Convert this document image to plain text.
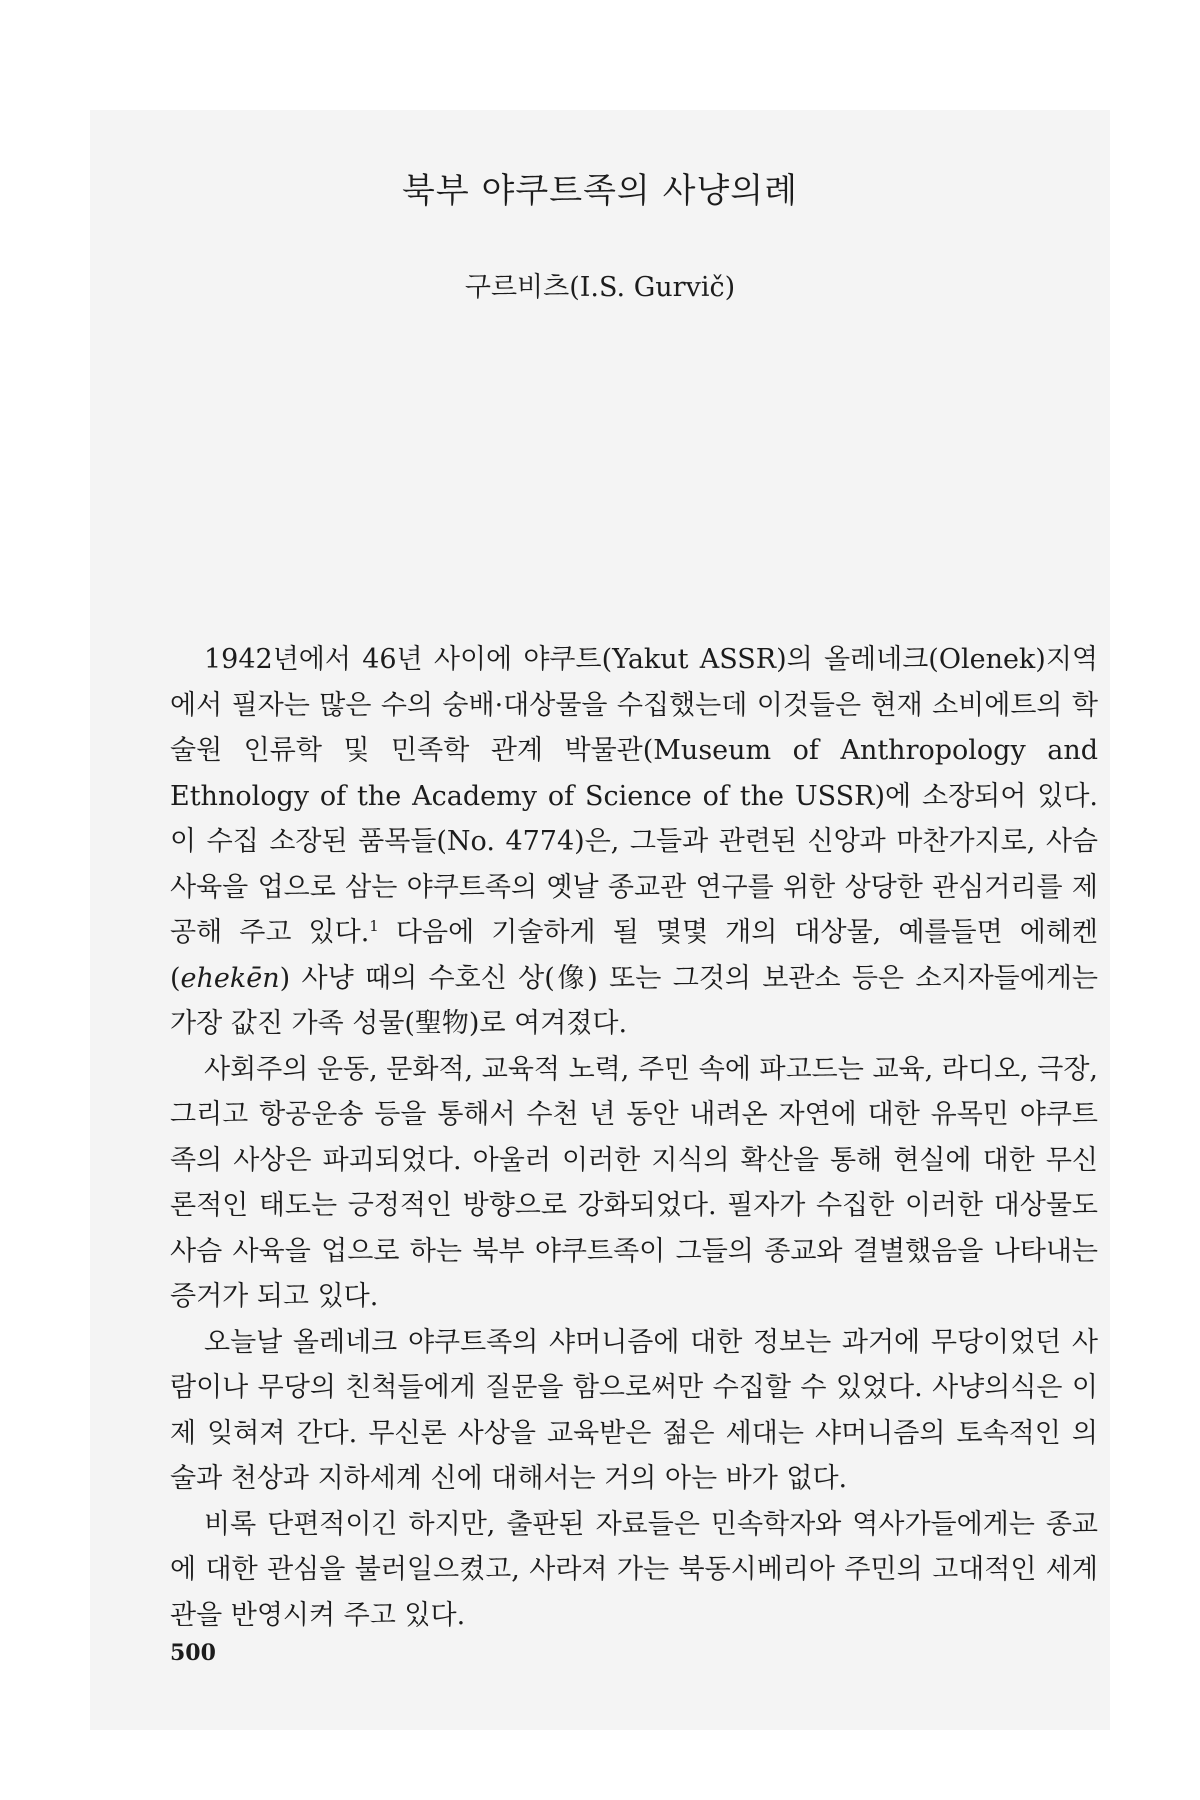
북부 야쿠트족의 사냥의례

구르비츠(I.S. Gurvič)

1942년에서 46년 사이에 야쿠트(Yakut ASSR)의 올레네크(Olenek)지역에서 필자는 많은 수의 숭배·대상물을 수집했는데 이것들은 현재 소비에트의 학술원 인류학 및 민족학 관계 박물관(Museum of Anthropology and Ethnology of the Academy of Science of the USSR)에 소장되어 있다. 이 수집 소장된 품목들(No. 4774)은, 그들과 관련된 신앙과 마찬가지로, 사슴 사육을 업으로 삼는 야쿠트족의 옛날 종교관 연구를 위한 상당한 관심거리를 제공해 주고 있다.$^1$ 다음에 기술하게 될 몇몇 개의 대상물, 예를들면 에헤켄(ehekēn) 사냥 때의 수호신 상(像) 또는 그것의 보관소 등은 소지자들에게는 가장 값진 가족 성물(聖物)로 여겨졌다.

사회주의 운동, 문화적, 교육적 노력, 주민 속에 파고드는 교육, 라디오, 극장, 그리고 항공운송 등을 통해서 수천 년 동안 내려온 자연에 대한 유목민 야쿠트족의 사상은 파괴되었다. 아울러 이러한 지식의 확산을 통해 현실에 대한 무신론적인 태도는 긍정적인 방향으로 강화되었다. 필자가 수집한 이러한 대상물도 사슴 사육을 업으로 하는 북부 야쿠트족이 그들의 종교와 결별했음을 나타내는 증거가 되고 있다.

오늘날 올레네크 야쿠트족의 샤머니즘에 대한 정보는 과거에 무당이었던 사람이나 무당의 친척들에게 질문을 함으로써만 수집할 수 있었다. 사냥의식은 이제 잊혀져 간다. 무신론 사상을 교육받은 젊은 세대는 샤머니즘의 토속적인 의술과 천상과 지하세계 신에 대해서는 거의 아는 바가 없다.

비록 단편적이긴 하지만, 출판된 자료들은 민속학자와 역사가들에게는 종교에 대한 관심을 불러일으켰고, 사라져 가는 북동시베리아 주민의 고대적인 세계관을 반영시켜 주고 있다.

500
